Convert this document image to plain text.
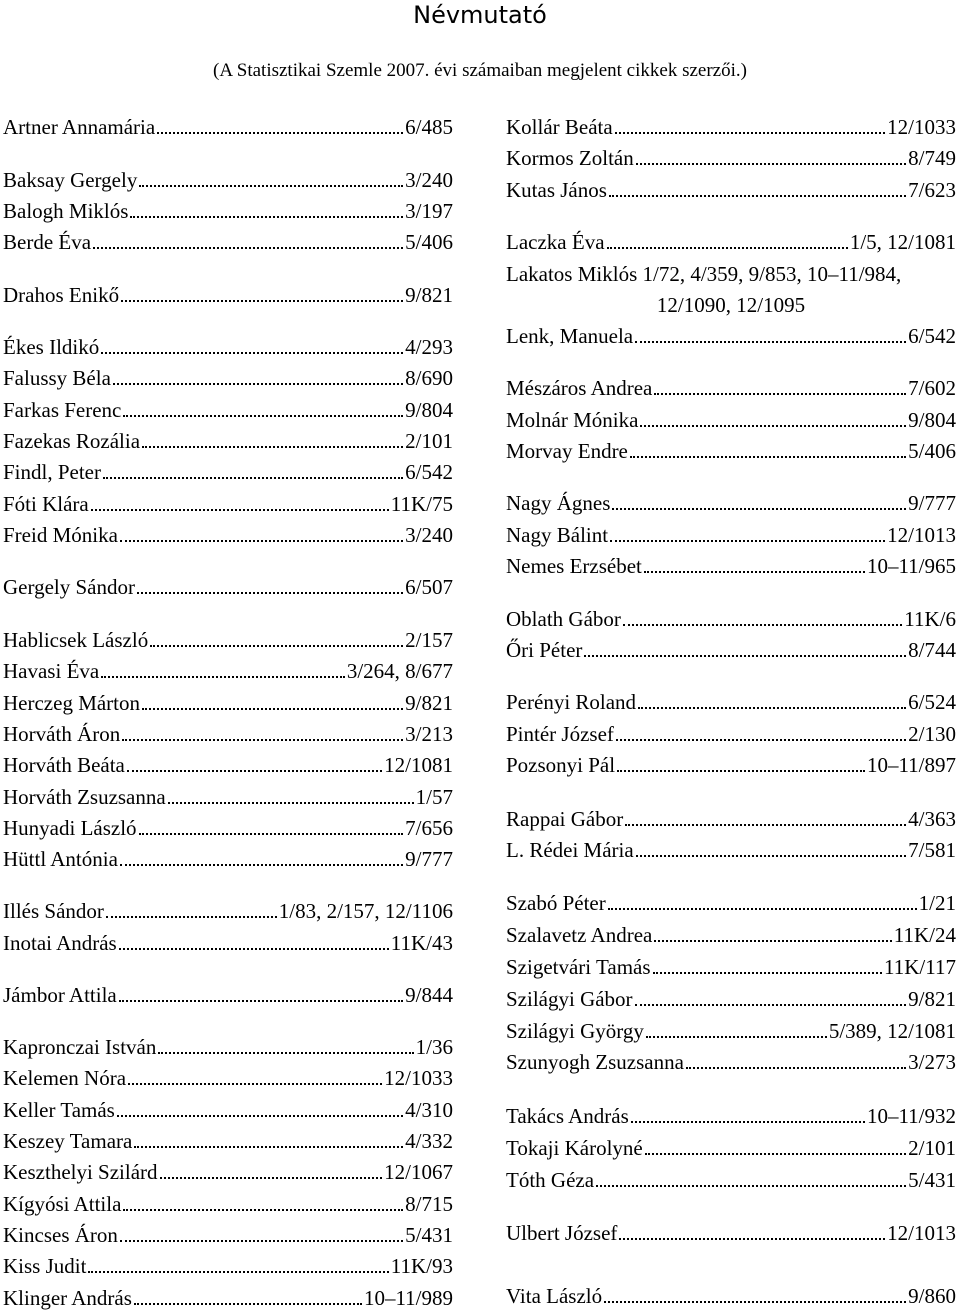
Névmutató
(A Statisztikai Szemle 2007. évi számaiban megjelent cikkek szerzői.)
Artner Annamária	6/485
Baksay Gergely	3/240
Balogh Miklós	3/197
Berde Éva	5/406
Drahos Enikő	9/821
Ékes Ildikó	4/293
Falussy Béla	8/690
Farkas Ferenc	9/804
Fazekas Rozália	2/101
Findl, Peter	6/542
Fóti Klára	11K/75
Freid Mónika	3/240
Gergely Sándor	6/507
Hablicsek László	2/157
Havasi Éva	3/264, 8/677
Herczeg Márton	9/821
Horváth Áron	3/213
Horváth Beáta	12/1081
Horváth Zsuzsanna	1/57
Hunyadi László	7/656
Hüttl Antónia	9/777
Illés Sándor	1/83, 2/157, 12/1106
Inotai András	11K/43
Jámbor Attila	9/844
Kapronczai István	1/36
Kelemen Nóra	12/1033
Keller Tamás	4/310
Keszey Tamara	4/332
Keszthelyi Szilárd	12/1067
Kígyósi Attila	8/715
Kincses Áron	5/431
Kiss Judit	11K/93
Klinger András	10–11/989
Kollár Beáta	12/1033
Kormos Zoltán	8/749
Kutas János	7/623
Laczka Éva	1/5, 12/1081
Lakatos Miklós 1/72, 4/359, 9/853, 10–11/984,
12/1090, 12/1095
Lenk, Manuela	6/542
Mészáros Andrea	7/602
Molnár Mónika	9/804
Morvay Endre	5/406
Nagy Ágnes	9/777
Nagy Bálint	12/1013
Nemes Erzsébet	10–11/965
Oblath Gábor	11K/6
Őri Péter	8/744
Perényi Roland	6/524
Pintér József	2/130
Pozsonyi Pál	10–11/897
Rappai Gábor	4/363
L. Rédei Mária	7/581
Szabó Péter	1/21
Szalavetz Andrea	11K/24
Szigetvári Tamás	11K/117
Szilágyi Gábor	9/821
Szilágyi György	5/389, 12/1081
Szunyogh Zsuzsanna	3/273
Takács András	10–11/932
Tokaji Károlyné	2/101
Tóth Géza	5/431
Ulbert József	12/1013
Vita László	9/860
